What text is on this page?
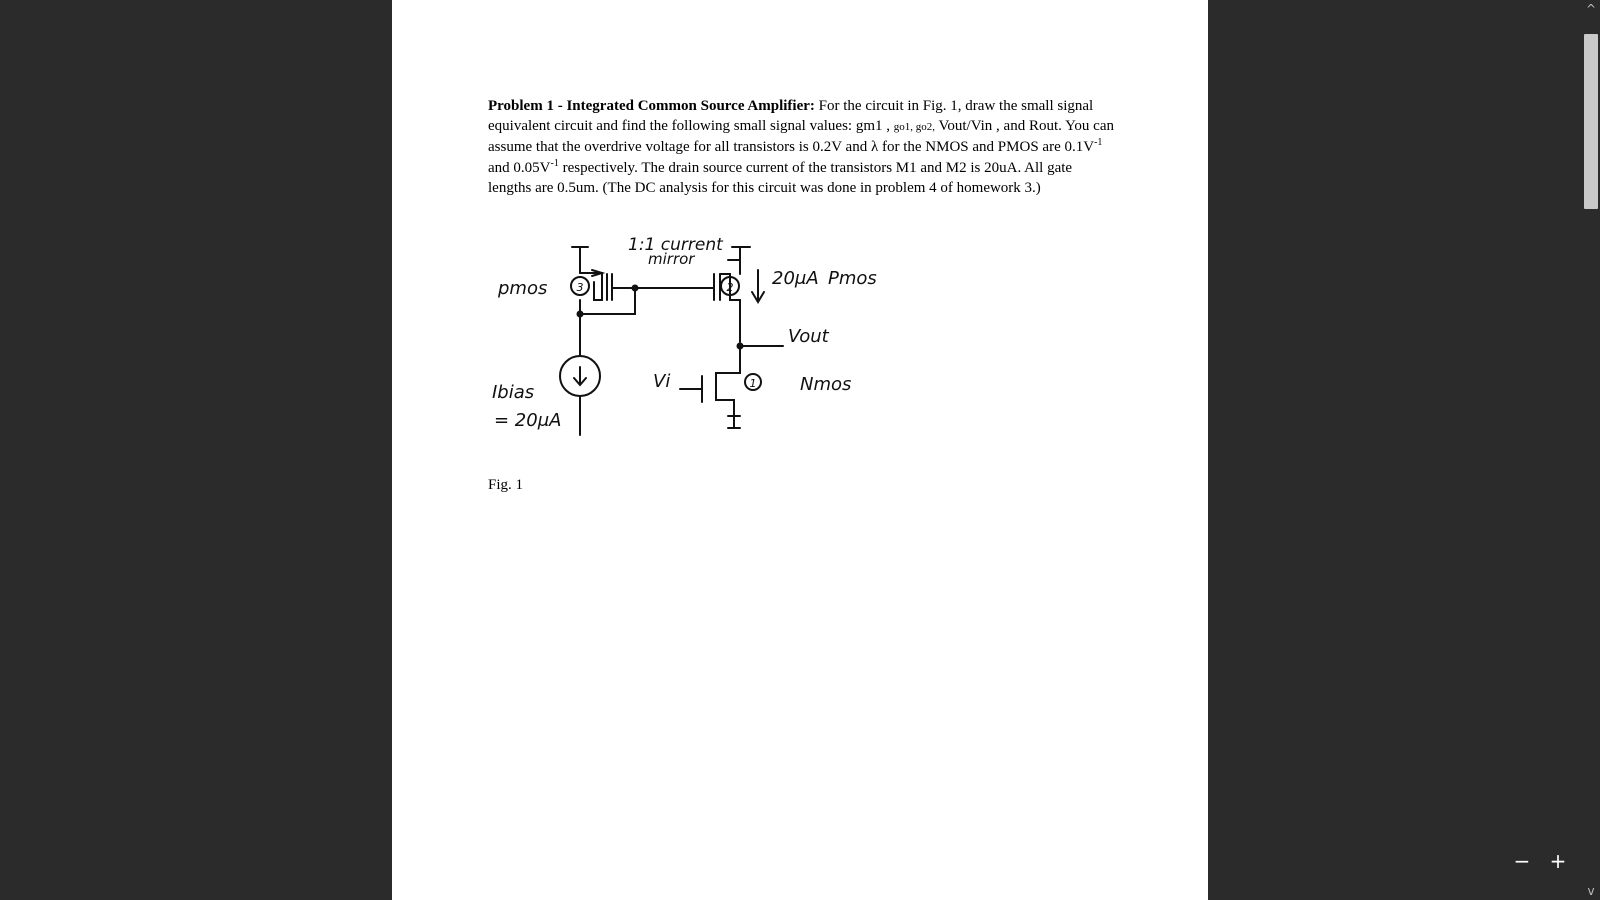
Problem 1 - Integrated Common Source Amplifier: For the circuit in Fig. 1, draw the small signal equivalent circuit and find the following small signal values: gm1 , go1, go2, Vout/Vin , and Rout. You can assume that the overdrive voltage for all transistors is 0.2V and λ for the NMOS and PMOS are $0.1V^{-1}$ and $0.05V^{-1}$ respectively. The drain source current of the transistors M1 and M2 is 20uA. All gate lengths are 0.5um. (The DC analysis for this circuit was done in problem 4 of homework 3.)
3	2
1
1:1 current
mirror
pmos	20μA Pmos
Vout
Vi	Nmos
Ibias
= 20μA
Fig. 1
^
v
− +
